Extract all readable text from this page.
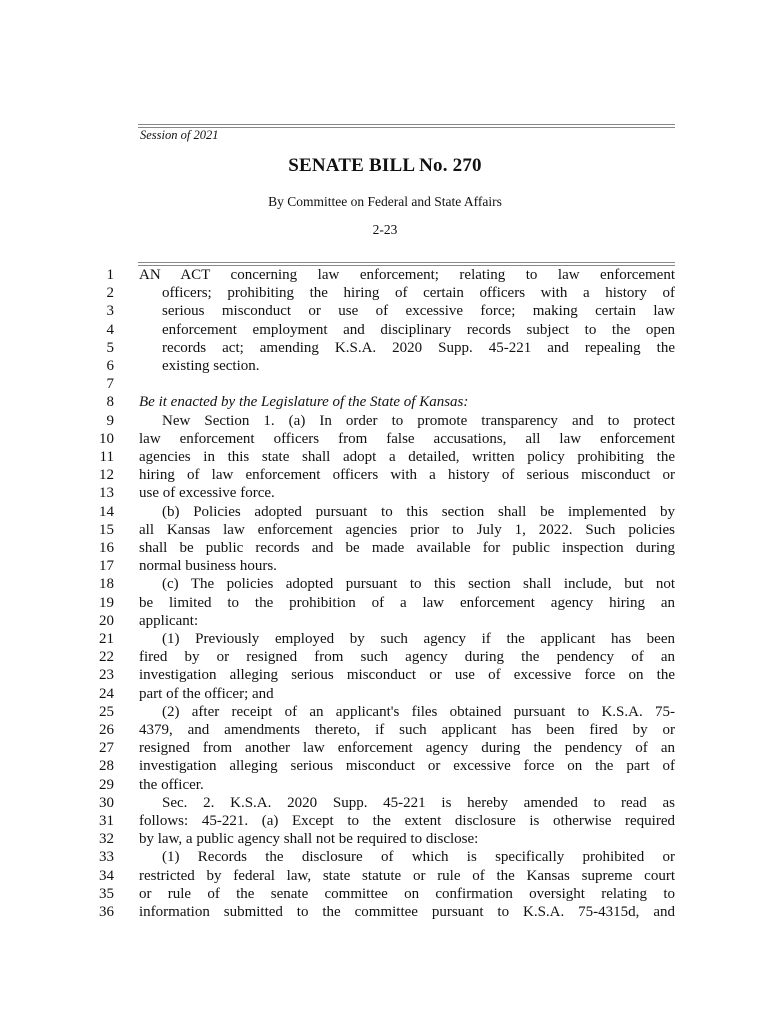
Session of 2021
SENATE BILL No. 270
By Committee on Federal and State Affairs
2-23
1 AN ACT concerning law enforcement; relating to law enforcement
2	officers; prohibiting the hiring of certain officers with a history of
3	serious misconduct or use of excessive force; making certain law
4	enforcement employment and disciplinary records subject to the open
5	records act; amending K.S.A. 2020 Supp. 45-221 and repealing the
6	existing section.
7
8 Be it enacted by the Legislature of the State of Kansas:
9	New Section 1. (a) In order to promote transparency and to protect
10 law enforcement officers from false accusations, all law enforcement
11 agencies in this state shall adopt a detailed, written policy prohibiting the
12 hiring of law enforcement officers with a history of serious misconduct or
13 use of excessive force.
14	(b) Policies adopted pursuant to this section shall be implemented by
15 all Kansas law enforcement agencies prior to July 1, 2022. Such policies
16 shall be public records and be made available for public inspection during
17 normal business hours.
18	(c) The policies adopted pursuant to this section shall include, but not
19 be limited to the prohibition of a law enforcement agency hiring an
20 applicant:
21	(1) Previously employed by such agency if the applicant has been
22 fired by or resigned from such agency during the pendency of an
23 investigation alleging serious misconduct or use of excessive force on the
24 part of the officer; and
25	(2) after receipt of an applicant's files obtained pursuant to K.S.A. 75-
26 4379, and amendments thereto, if such applicant has been fired by or
27 resigned from another law enforcement agency during the pendency of an
28 investigation alleging serious misconduct or excessive force on the part of
29 the officer.
30	Sec. 2. K.S.A. 2020 Supp. 45-221 is hereby amended to read as
31 follows: 45-221. (a) Except to the extent disclosure is otherwise required
32 by law, a public agency shall not be required to disclose:
33	(1) Records the disclosure of which is specifically prohibited or
34 restricted by federal law, state statute or rule of the Kansas supreme court
35 or rule of the senate committee on confirmation oversight relating to
36 information submitted to the committee pursuant to K.S.A. 75-4315d, and
